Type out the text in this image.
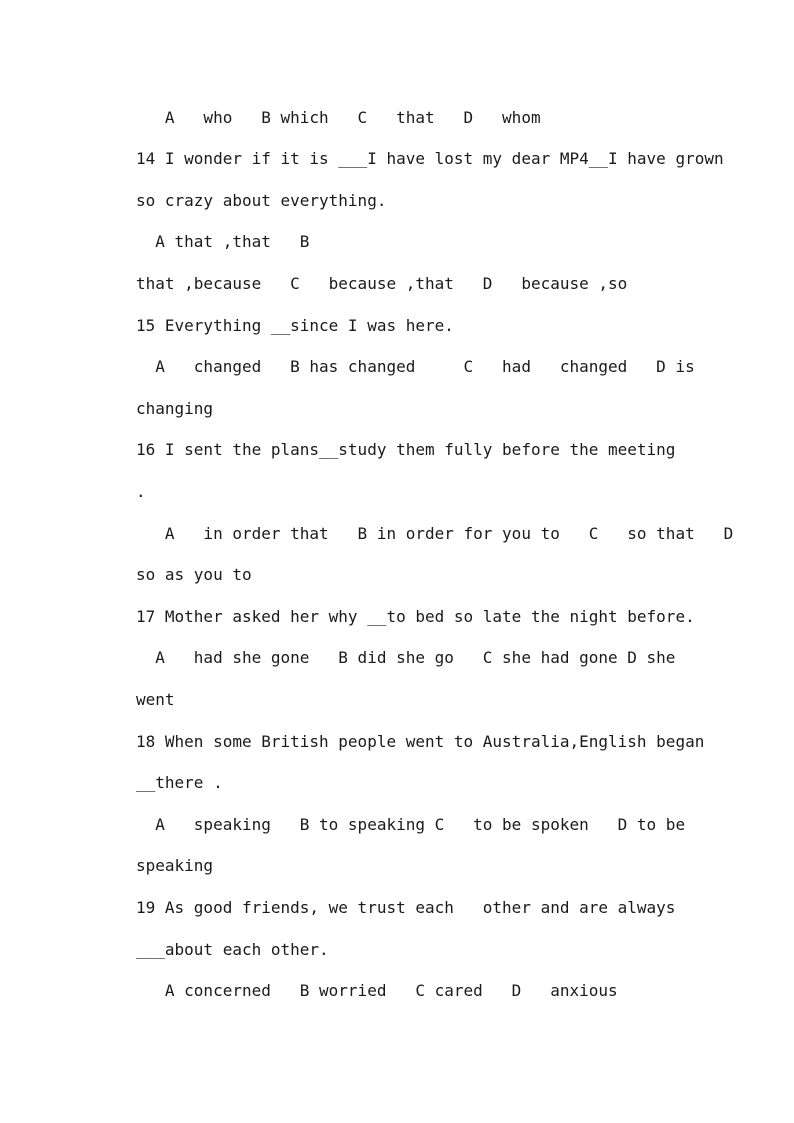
A   who   B which   C   that   D   whom
14 I wonder if it is ___I have lost my dear MP4__I have grown
so crazy about everything.
A that ,that   B
that ,because   C   because ,that   D   because ,so
15 Everything __since I was here.
A   changed   B has changed     C   had   changed   D is
changing
16 I sent the plans__study them fully before the meeting
.
A   in order that   B in order for you to   C   so that   D
so as you to
17 Mother asked her why __to bed so late the night before.
A   had she gone   B did she go   C she had gone D she
went
18 When some British people went to Australia,English began
__there .
A   speaking   B to speaking C   to be spoken   D to be
speaking
19 As good friends, we trust each   other and are always
___about each other.
A concerned   B worried   C cared   D   anxious
